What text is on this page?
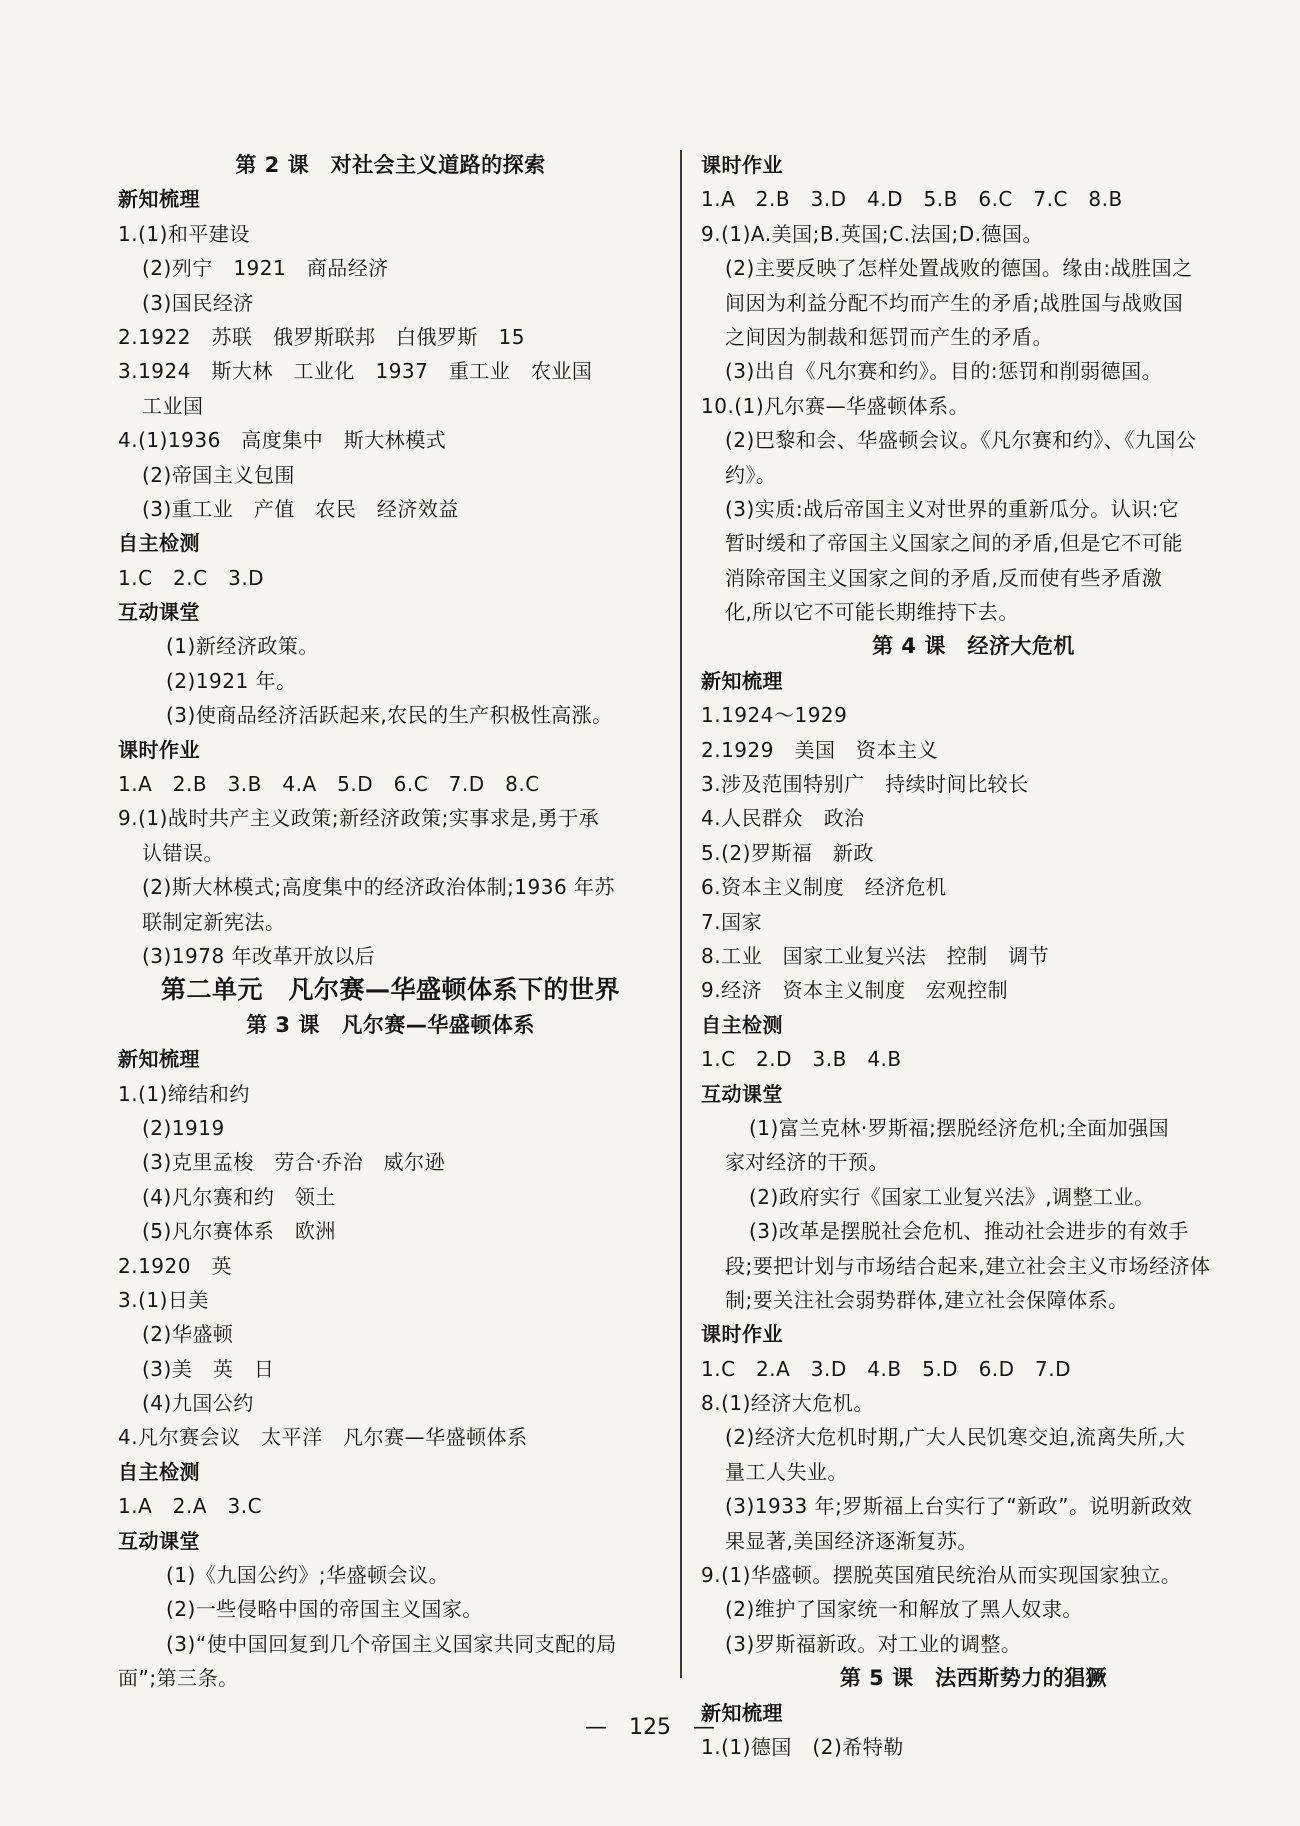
第 2 课　对社会主义道路的探索
新知梳理
1.(1)和平建设
(2)列宁　1921　商品经济
(3)国民经济
2.1922　苏联　俄罗斯联邦　白俄罗斯　15
3.1924　斯大林　工业化　1937　重工业　农业国
工业国
4.(1)1936　高度集中　斯大林模式
(2)帝国主义包围
(3)重工业　产值　农民　经济效益
自主检测
1.C　2.C　3.D
互动课堂
(1)新经济政策。
(2)1921 年。
(3)使商品经济活跃起来,农民的生产积极性高涨。
课时作业
1.A　2.B　3.B　4.A　5.D　6.C　7.D　8.C
9.(1)战时共产主义政策;新经济政策;实事求是,勇于承
认错误。
(2)斯大林模式;高度集中的经济政治体制;1936 年苏
联制定新宪法。
(3)1978 年改革开放以后
第二单元　凡尔赛—华盛顿体系下的世界
第 3 课　凡尔赛—华盛顿体系
新知梳理
1.(1)缔结和约
(2)1919
(3)克里孟梭　劳合·乔治　威尔逊
(4)凡尔赛和约　领土
(5)凡尔赛体系　欧洲
2.1920　英
3.(1)日美
(2)华盛顿
(3)美　英　日
(4)九国公约
4.凡尔赛会议　太平洋　凡尔赛—华盛顿体系
自主检测
1.A　2.A　3.C
互动课堂
(1)《九国公约》;华盛顿会议。
(2)一些侵略中国的帝国主义国家。
(3)“使中国回复到几个帝国主义国家共同支配的局
面”;第三条。
课时作业
1.A　2.B　3.D　4.D　5.B　6.C　7.C　8.B
9.(1)A.美国;B.英国;C.法国;D.德国。
(2)主要反映了怎样处置战败的德国。缘由:战胜国之
间因为利益分配不均而产生的矛盾;战胜国与战败国
之间因为制裁和惩罚而产生的矛盾。
(3)出自《凡尔赛和约》。目的:惩罚和削弱德国。
10.(1)凡尔赛—华盛顿体系。
(2)巴黎和会、华盛顿会议。《凡尔赛和约》、《九国公
约》。
(3)实质:战后帝国主义对世界的重新瓜分。认识:它
暂时缓和了帝国主义国家之间的矛盾,但是它不可能
消除帝国主义国家之间的矛盾,反而使有些矛盾激
化,所以它不可能长期维持下去。
第 4 课　经济大危机
新知梳理
1.1924～1929
2.1929　美国　资本主义
3.涉及范围特别广　持续时间比较长
4.人民群众　政治
5.(2)罗斯福　新政
6.资本主义制度　经济危机
7.国家
8.工业　国家工业复兴法　控制　调节
9.经济　资本主义制度　宏观控制
自主检测
1.C　2.D　3.B　4.B
互动课堂
(1)富兰克林·罗斯福;摆脱经济危机;全面加强国
家对经济的干预。
(2)政府实行《国家工业复兴法》,调整工业。
(3)改革是摆脱社会危机、推动社会进步的有效手
段;要把计划与市场结合起来,建立社会主义市场经济体
制;要关注社会弱势群体,建立社会保障体系。
课时作业
1.C　2.A　3.D　4.B　5.D　6.D　7.D
8.(1)经济大危机。
(2)经济大危机时期,广大人民饥寒交迫,流离失所,大
量工人失业。
(3)1933 年;罗斯福上台实行了“新政”。说明新政效
果显著,美国经济逐渐复苏。
9.(1)华盛顿。摆脱英国殖民统治从而实现国家独立。
(2)维护了国家统一和解放了黑人奴隶。
(3)罗斯福新政。对工业的调整。
第 5 课　法西斯势力的猖獗
新知梳理
1.(1)德国　(2)希特勒
—　125　—
